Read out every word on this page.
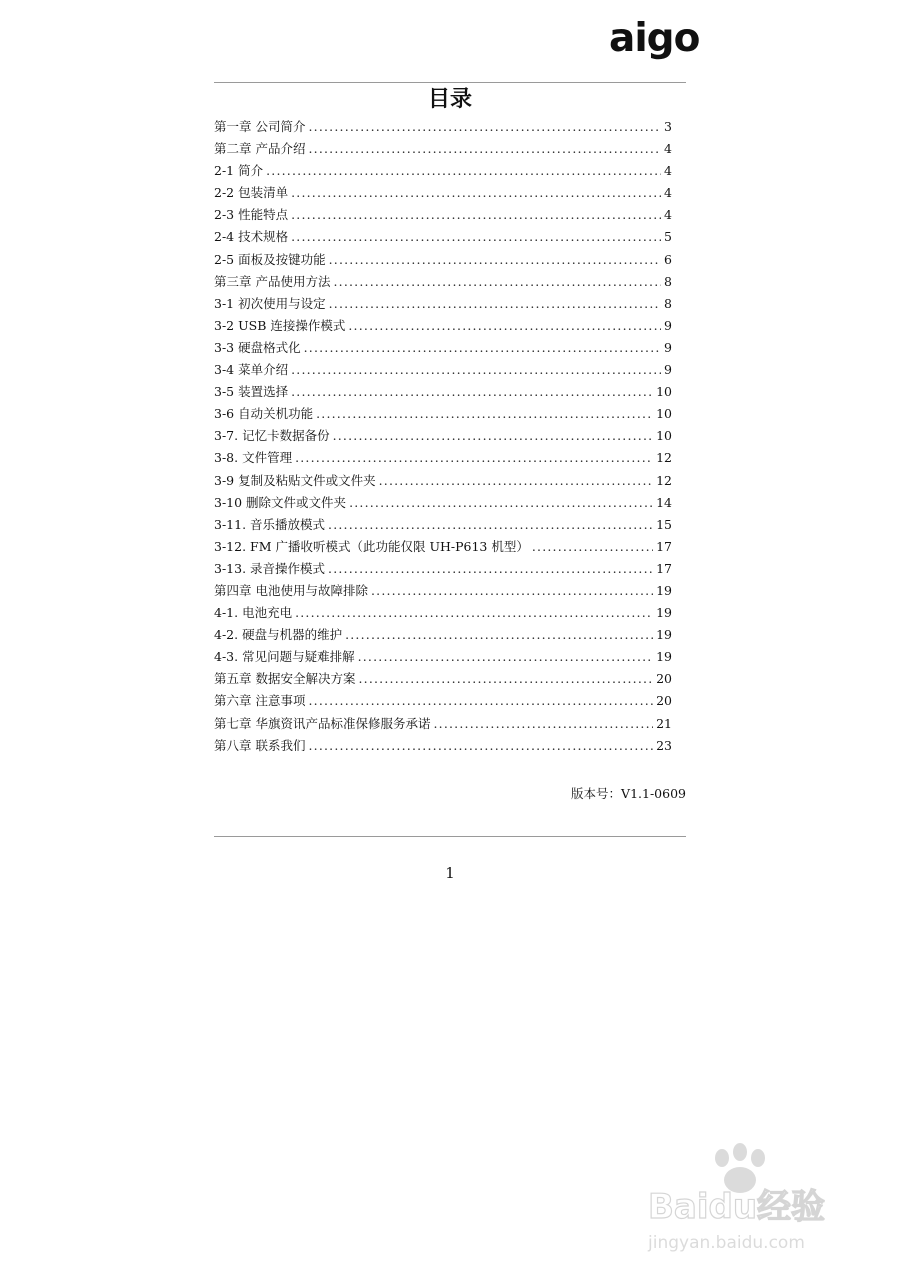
aigo
目录
第一章 公司简介 .....	3
第二章 产品介绍 .....	4
2-1 简介 .....	4
2-2 包装清单 .....	4
2-3 性能特点 .....	4
2-4 技术规格 .....	5
2-5 面板及按键功能 .....	6
第三章 产品使用方法 .....	8
3-1 初次使用与设定 .....	8
3-2 USB 连接操作模式 .....	9
3-3 硬盘格式化 .....	9
3-4 菜单介绍 .....	9
3-5 装置选择 .....	10
3-6 自动关机功能 .....	10
3-7. 记忆卡数据备份 .....	10
3-8. 文件管理 .....	12
3-9 复制及粘贴文件或文件夹 .....	12
3-10 删除文件或文件夹 .....	14
3-11. 音乐播放模式 .....	15
3-12. FM 广播收听模式（此功能仅限 UH-P613 机型） .....	17
3-13. 录音操作模式 .....	17
第四章 电池使用与故障排除 .....	19
4-1. 电池充电 .....	19
4-2. 硬盘与机器的维护 .....	19
4-3. 常见问题与疑难排解 .....	19
第五章 数据安全解决方案 .....	20
第六章 注意事项 .....	20
第七章 华旗资讯产品标准保修服务承诺 .....	21
第八章 联系我们 .....	23
版本号：V1.1-0609
1
Baidu经验
jingyan.baidu.com
